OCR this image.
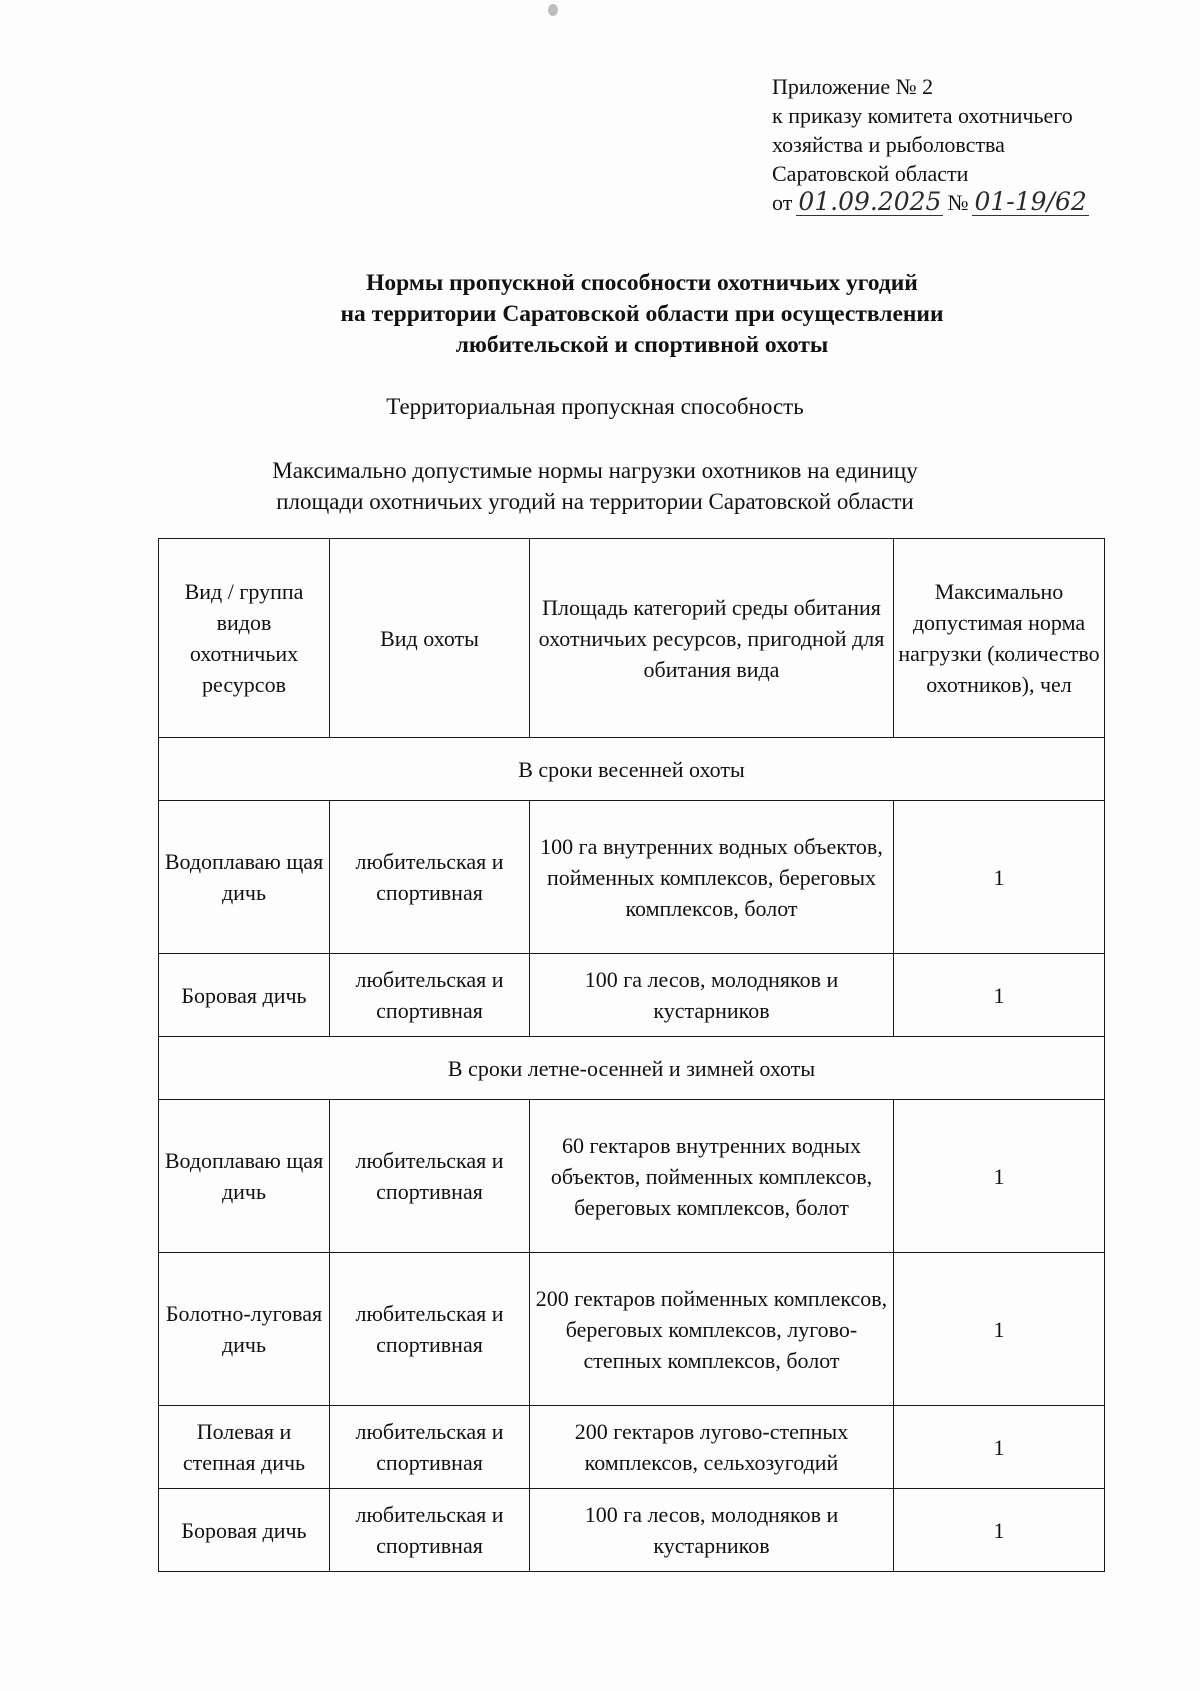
Приложение № 2
к приказу комитета охотничьего
хозяйства и рыболовства
Саратовской области
от 01.09.2025 № 01-19/62
Нормы пропускной способности охотничьих угодий
на территории Саратовской области при осуществлении
любительской и спортивной охоты
Территориальная пропускная способность
Максимально допустимые нормы нагрузки охотников на единицу
площади охотничьих угодий на территории Саратовской области
Вид / группа видов охотничьих ресурсов	Вид охоты	Площадь категорий среды обитания охотничьих ресурсов, пригодной для обитания вида	Максимально допустимая норма нагрузки (количество охотников), чел
В сроки весенней охоты			
Водоплаваю щая дичь	любительская и спортивная	100 га внутренних водных объектов, пойменных комплексов, береговых комплексов, болот	1
Боровая дичь	любительская и спортивная	100 га лесов, молодняков и кустарников	1
В сроки летне-осенней и зимней охоты			
Водоплаваю щая дичь	любительская и спортивная	60 гектаров внутренних водных объектов, пойменных комплексов, береговых комплексов, болот	1
Болотно-луговая дичь	любительская и спортивная	200 гектаров пойменных комплексов, береговых комплексов, лугово-степных комплексов, болот	1
Полевая и степная дичь	любительская и спортивная	200 гектаров лугово-степных комплексов, сельхозугодий	1
Боровая дичь	любительская и спортивная	100 га лесов, молодняков и кустарников	1
